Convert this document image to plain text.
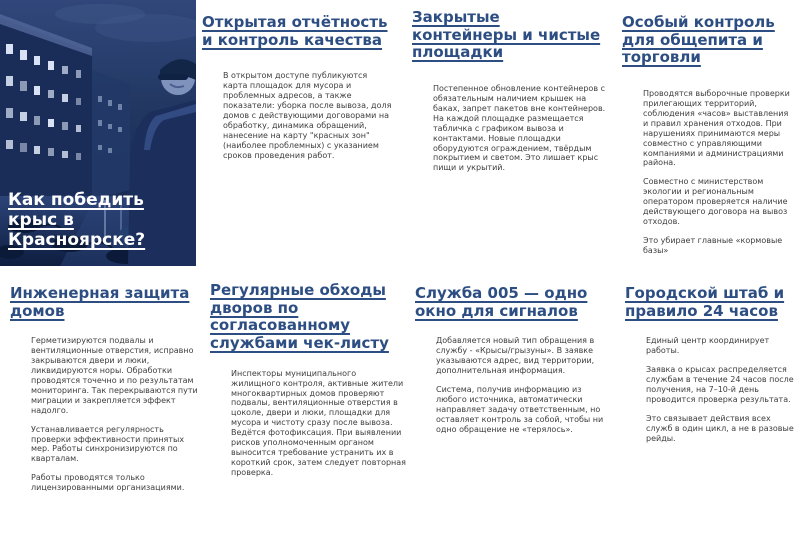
Как победить крыс в Красноярске?
Открытая отчётность и контроль качества

В открытом доступе публикуются карта площадок для мусора и проблемных адресов, а также показатели: уборка после вывоза, доля домов с действующими договорами на обработку, динамика обращений, нанесение на карту "красных зон" (наиболее проблемных) с указанием сроков проведения работ.

Закрытые контейнеры и чистые площадки

Постепенное обновление контейнеров с обязательным наличием крышек на баках, запрет пакетов вне контейнеров. На каждой площадке размещается табличка с графиком вывоза и контактами. Новые площадки оборудуются ограждением, твёрдым покрытием и светом. Это лишает крыс пищи и укрытий.

Особый контроль для общепита и торговли

Проводятся выборочные проверки прилегающих территорий, соблюдения «часов» выставления и правил хранения отходов. При нарушениях принимаются меры совместно с управляющими компаниями и администрациями района.

Совместно с министерством экологии и региональным оператором проверяется наличие действующего договора на вывоз отходов.

Это убирает главные «кормовые базы»

Инженерная защита домов

Герметизируются подвалы и вентиляционные отверстия, исправно закрываются двери и люки, ликвидируются норы. Обработки проводятся точечно и по результатам мониторинга. Так перекрываются пути миграции и закрепляется эффект надолго.

Устанавливается регулярность проверки эффективности принятых мер. Работы синхронизируются по кварталам.

Работы проводятся только лицензированными организациями.

Регулярные обходы дворов по согласованному службами чек-листу

Инспекторы муниципального жилищного контроля, активные жители многоквартирных домов проверяют подвалы, вентиляционные отверстия в цоколе, двери и люки, площадки для мусора и чистоту сразу после вывоза. Ведётся фотофиксация. При выявлении рисков уполномоченным органом выносится требование устранить их в короткий срок, затем следует повторная проверка.

Служба 005 — одно окно для сигналов

Добавляется новый тип обращения в службу - «Крысы/грызуны». В заявке указываются адрес, вид территории, дополнительная информация.

Система, получив информацию из любого источника, автоматически направляет задачу ответственным, но оставляет контроль за собой, чтобы ни одно обращение не «терялось».

Городской штаб и правило 24 часов

Единый центр координирует работы.

Заявка о крысах распределяется службам в течение 24 часов после получения, на 7–10-й день проводится проверка результата.

Это связывает действия всех служб в один цикл, а не в разовые рейды.
